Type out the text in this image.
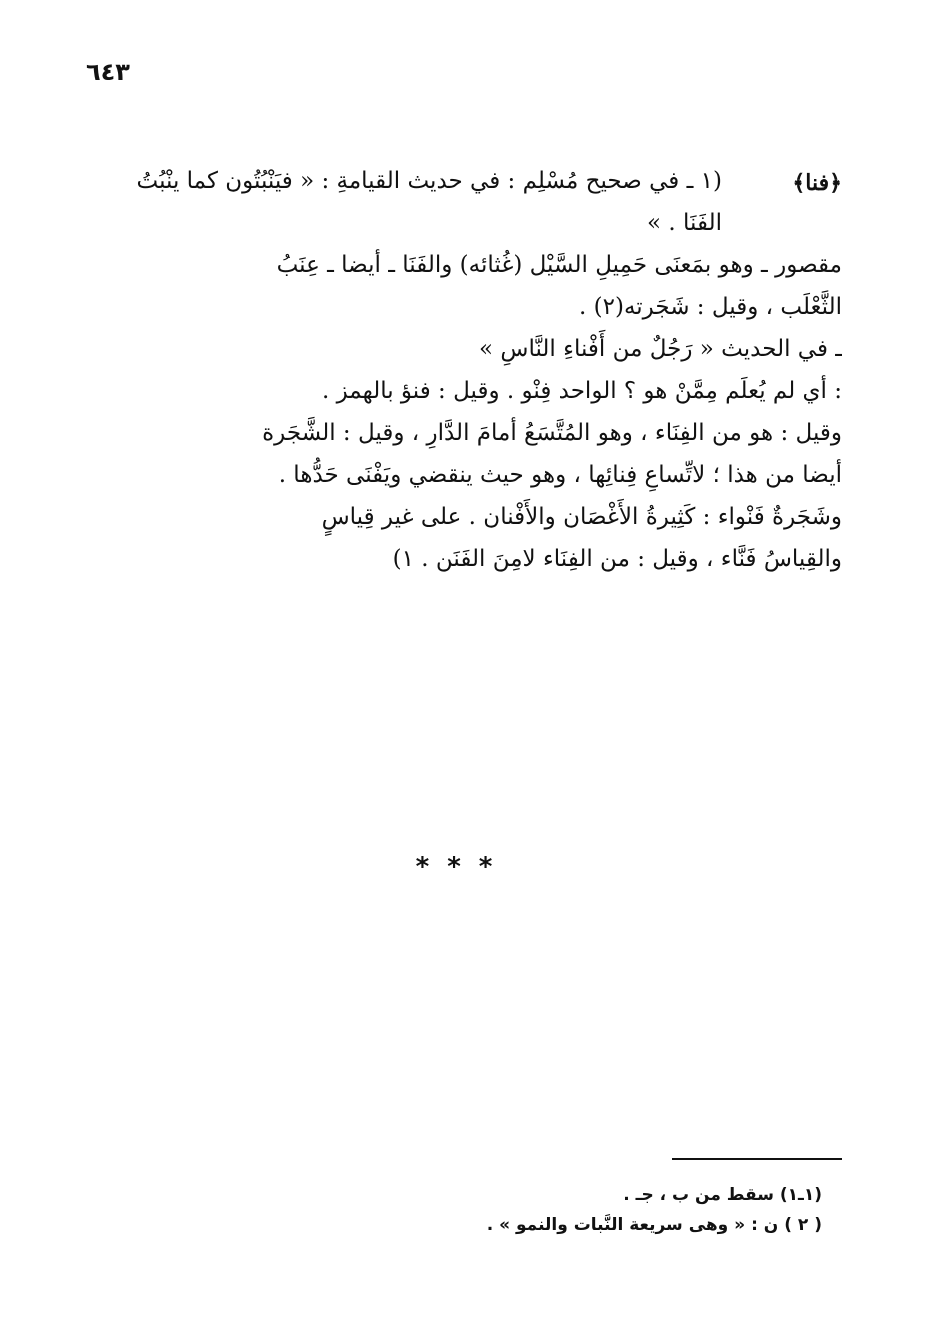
٦٤٣
﴿فنا﴾
(١ ـ في صحيح مُسْلِم : في حديث القيامةِ : « فيَنْبُتُون كما ينْبُتُ
الفَنَا . »
مقصور ـ وهو بمَعنَى حَمِيلِ السَّيْل (غُثائه) والفَنَا ـ أيضا ـ عِنَبُ
الثَّعْلَب ، وقيل : شَجَرته(٢) .
ـ في الحديث « رَجُلٌ من أَفْناءِ النَّاسِ »
: أي لم يُعلَم مِمَّنْ هو ؟ الواحد فِنْو . وقيل : فنؤ بالهمز .
وقيل : هو من الفِنَاء ، وهو المُتَّسَعُ أمامَ الدَّارِ ، وقيل : الشَّجَرة
أيضا من هذا ؛ لاتِّساعِ فِنائِها ، وهو حيث ينقضي ويَفْنَى حَدُّها .
وشَجَرةٌ فَنْواء : كَثِيرةُ الأَغْصَان والأَفْنان . على غير قِياسٍ
والقِياسُ فَنَّاء ، وقيل : من الفِنَاء لامِنَ الفَنَن . ١)
***
(١ـ١) سقط من ب ، جـ .
( ٢ ) ن : « وهى سريعة النَّبات والنمو » .
